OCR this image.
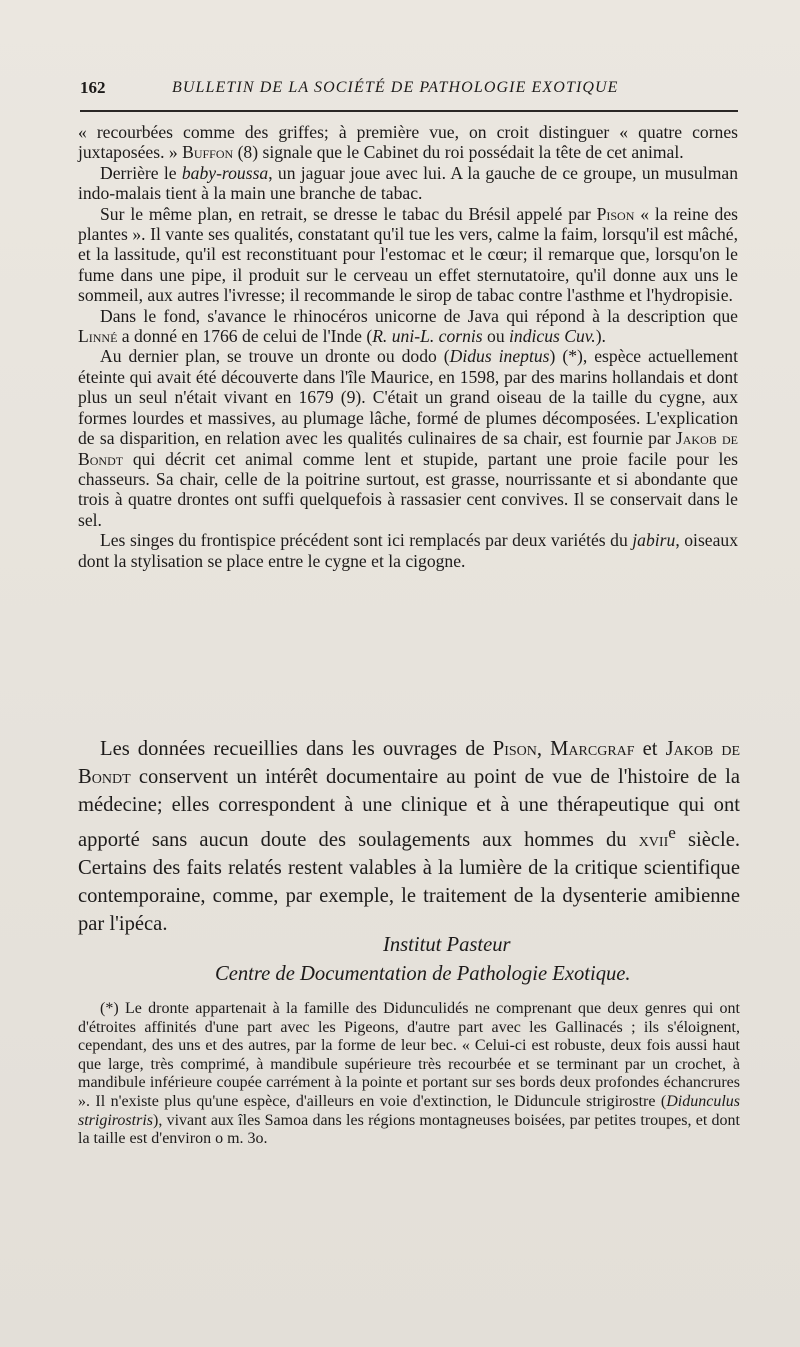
162	BULLETIN DE LA SOCIÉTÉ DE PATHOLOGIE EXOTIQUE

« recourbées comme des griffes; à première vue, on croit distinguer « quatre cornes juxtaposées. » Buffon (8) signale que le Cabinet du roi possédait la tête de cet animal.

Derrière le baby-roussa, un jaguar joue avec lui. A la gauche de ce groupe, un musulman indo-malais tient à la main une branche de tabac.

Sur le même plan, en retrait, se dresse le tabac du Brésil appelé par Pison « la reine des plantes ». Il vante ses qualités, constatant qu'il tue les vers, calme la faim, lorsqu'il est mâché, et la lassitude, qu'il est reconstituant pour l'estomac et le cœur; il remarque que, lorsqu'on le fume dans une pipe, il produit sur le cerveau un effet sternutatoire, qu'il donne aux uns le sommeil, aux autres l'ivresse; il recommande le sirop de tabac contre l'asthme et l'hydropisie.

Dans le fond, s'avance le rhinocéros unicorne de Java qui répond à la description que Linné a donné en 1766 de celui de l'Inde (R. uni-L. cornis ou indicus Cuv.).

Au dernier plan, se trouve un dronte ou dodo (Didus ineptus) (*), espèce actuellement éteinte qui avait été découverte dans l'île Maurice, en 1598, par des marins hollandais et dont plus un seul n'était vivant en 1679 (9). C'était un grand oiseau de la taille du cygne, aux formes lourdes et massives, au plumage lâche, formé de plumes décomposées. L'explication de sa disparition, en relation avec les qualités culinaires de sa chair, est fournie par Jakob de Bondt qui décrit cet animal comme lent et stupide, partant une proie facile pour les chasseurs. Sa chair, celle de la poitrine surtout, est grasse, nourrissante et si abondante que trois à quatre drontes ont suffi quelquefois à rassasier cent convives. Il se conservait dans le sel.

Les singes du frontispice précédent sont ici remplacés par deux variétés du jabiru, oiseaux dont la stylisation se place entre le cygne et la cigogne.

Les données recueillies dans les ouvrages de Pison, Marcgraf et Jakob de Bondt conservent un intérêt documentaire au point de vue de l'histoire de la médecine; elles correspondent à une clinique et à une thérapeutique qui ont apporté sans aucun doute des soulagements aux hommes du xvii$^e$ siècle. Certains des faits relatés restent valables à la lumière de la critique scientifique contemporaine, comme, par exemple, le traitement de la dysenterie amibienne par l'ipéca.

Institut Pasteur
Centre de Documentation de Pathologie Exotique.

(*) Le dronte appartenait à la famille des Didunculidés ne comprenant que deux genres qui ont d'étroites affinités d'une part avec les Pigeons, d'autre part avec les Gallinacés ; ils s'éloignent, cependant, des uns et des autres, par la forme de leur bec. « Celui-ci est robuste, deux fois aussi haut que large, très comprimé, à mandibule supérieure très recourbée et se terminant par un crochet, à mandibule inférieure coupée carrément à la pointe et portant sur ses bords deux profondes échancrures ». Il n'existe plus qu'une espèce, d'ailleurs en voie d'extinction, le Diduncule strigirostre (Didunculus strigirostris), vivant aux îles Samoa dans les régions montagneuses boisées, par petites troupes, et dont la taille est d'environ o m. 3o.
